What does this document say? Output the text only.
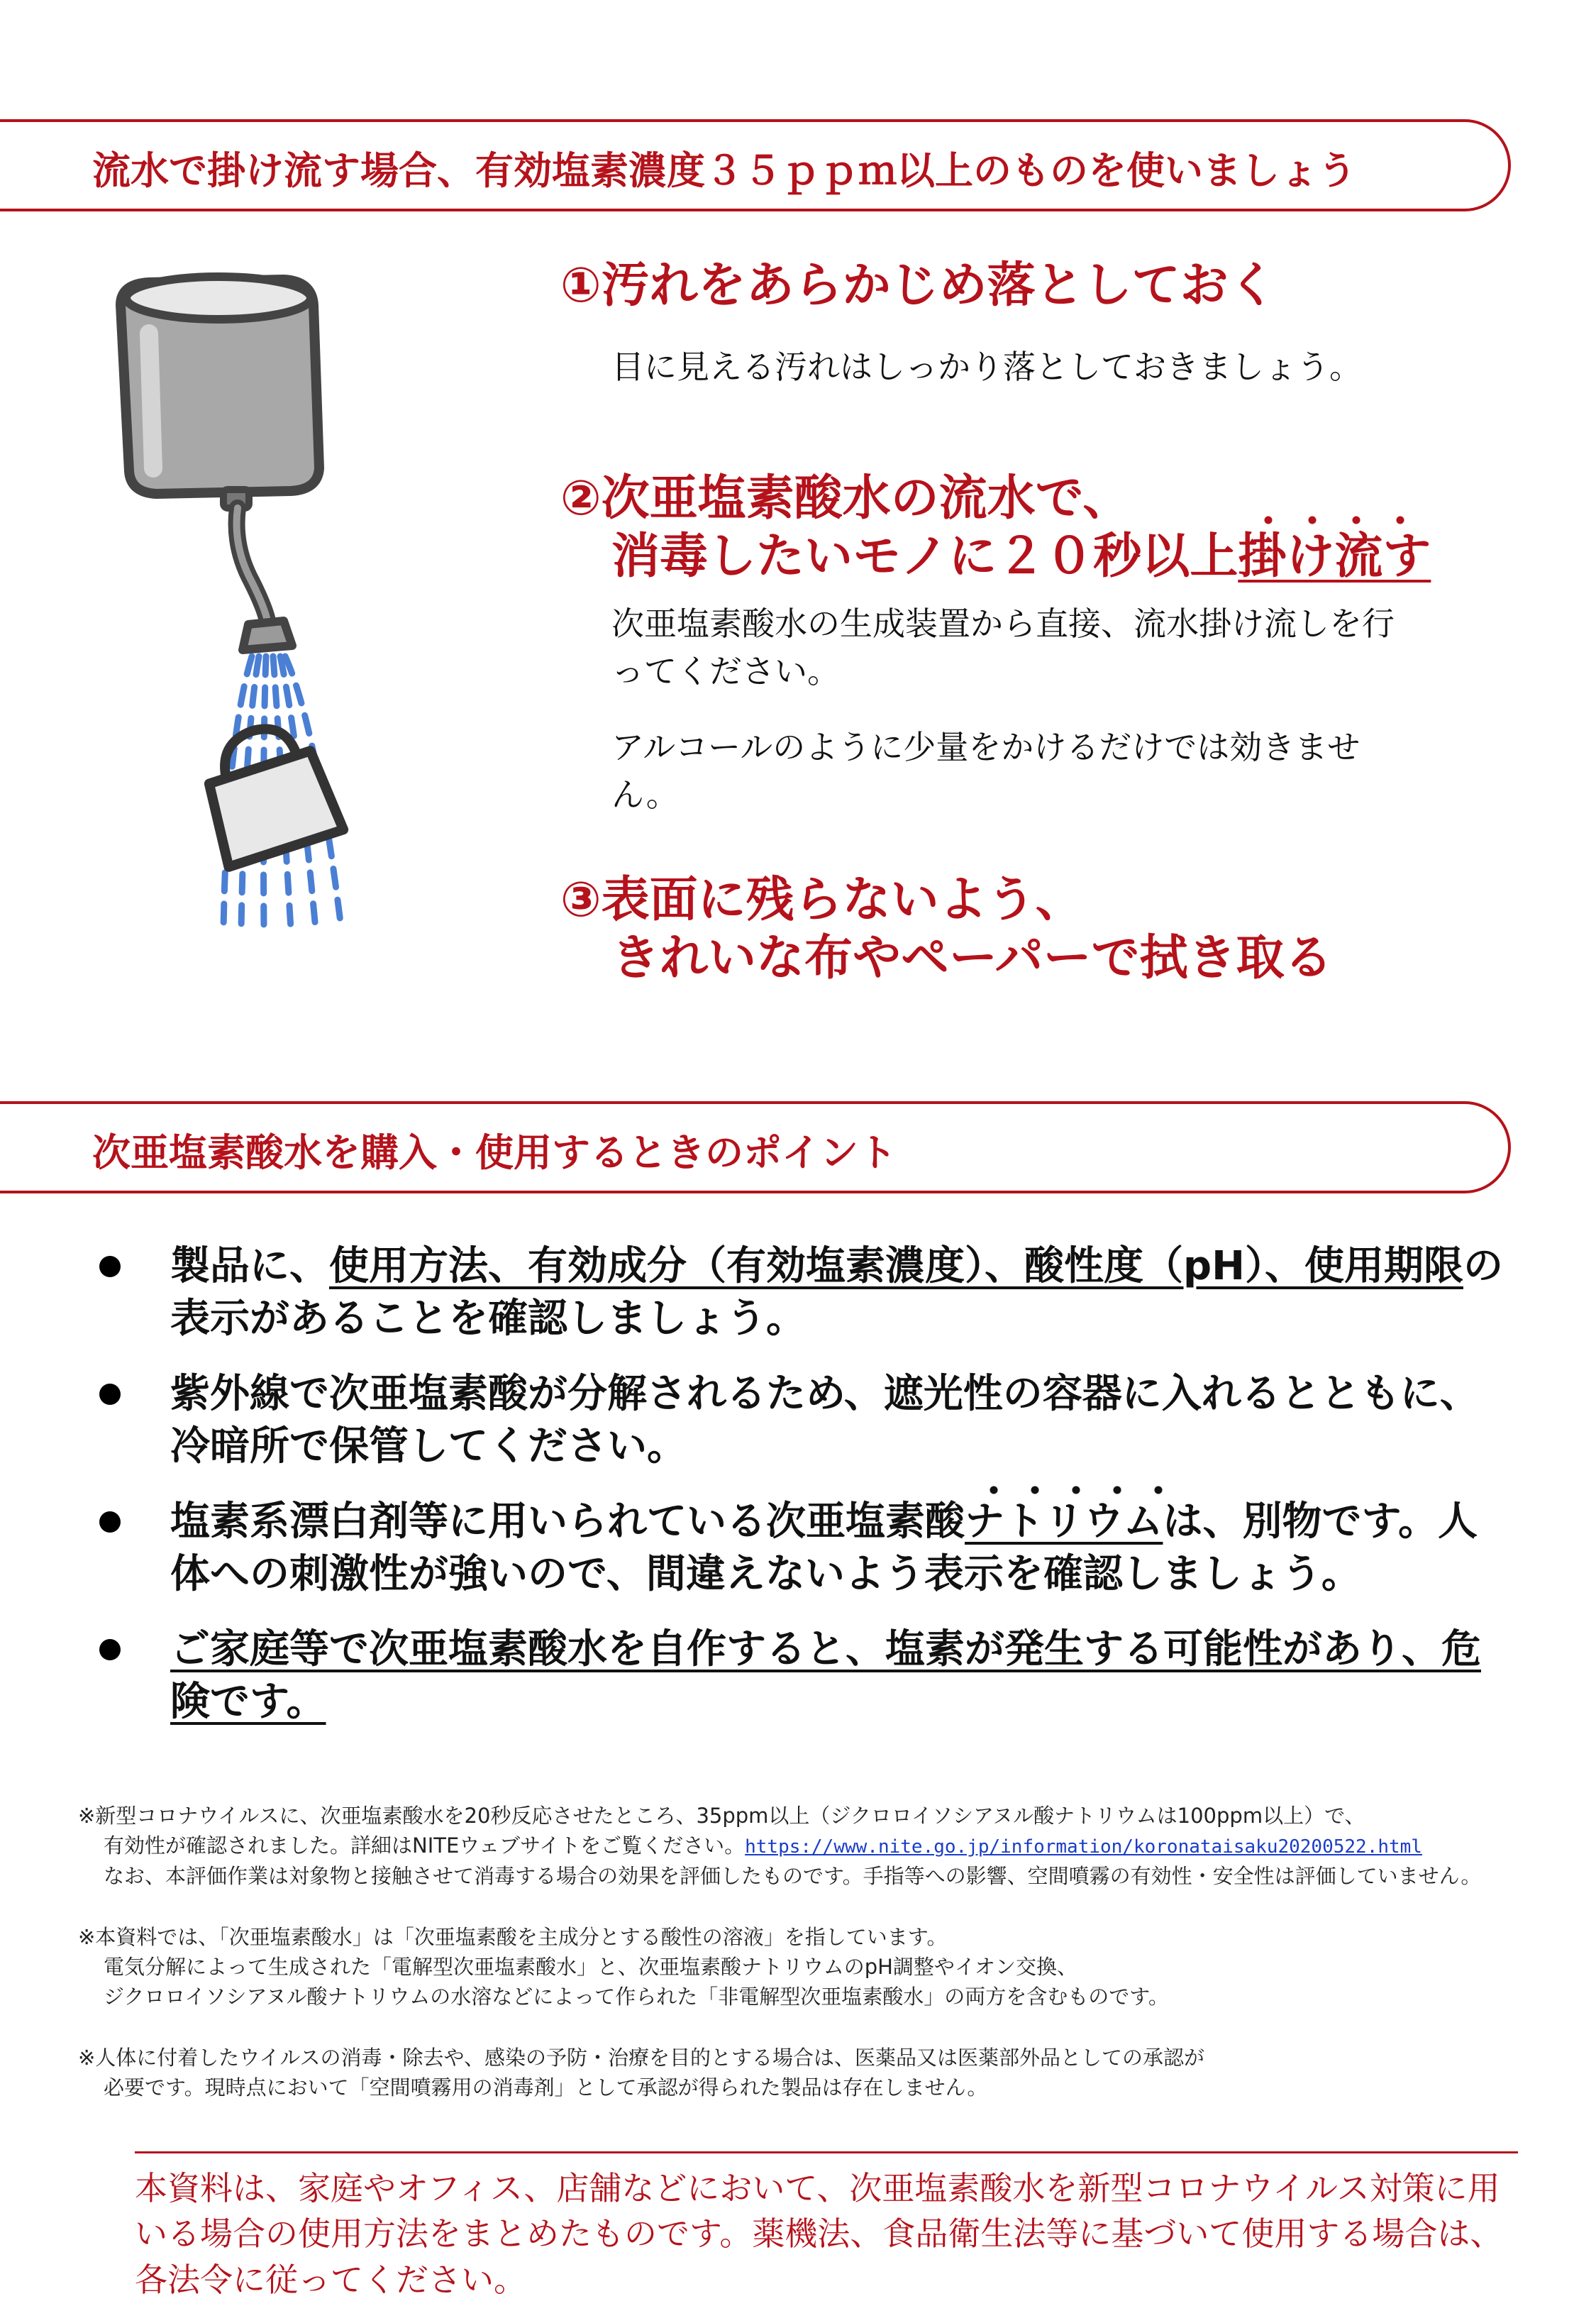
流水で掛け流す場合、有効塩素濃度３５ｐｐｍ以上のものを使いましょう
①汚れをあらかじめ落としておく
目に見える汚れはしっかり落としておきましょう。
②次亜塩素酸水の流水で、
消毒したいモノに２０秒以上掛け流す
次亜塩素酸水の生成装置から直接、流水掛け流しを行ってください。
アルコールのように少量をかけるだけでは効きません。
③表面に残らないよう、
きれいな布やペーパーで拭き取る
次亜塩素酸水を購入・使用するときのポイント
製品に、使用方法、有効成分（有効塩素濃度）、酸性度（pH）、使用期限の表示があることを確認しましょう。
紫外線で次亜塩素酸が分解されるため、遮光性の容器に入れるとともに、冷暗所で保管してください。
塩素系漂白剤等に用いられている次亜塩素酸ナトリウムは、別物です。人体への刺激性が強いので、間違えないよう表示を確認しましょう。
ご家庭等で次亜塩素酸水を自作すると、塩素が発生する可能性があり、危険です。

※新型コロナウイルスに、次亜塩素酸水を20秒反応させたところ、35ppm以上（ジクロロイソシアヌル酸ナトリウムは100ppm以上）で、

有効性が確認されました。詳細はNITEウェブサイトをご覧ください。https://www.nite.go.jp/information/koronataisaku20200522.html
なお、本評価作業は対象物と接触させて消毒する場合の効果を評価したものです。手指等への影響、空間噴霧の有効性・安全性は評価していません。

※本資料では、「次亜塩素酸水」は「次亜塩素酸を主成分とする酸性の溶液」を指しています。

電気分解によって生成された「電解型次亜塩素酸水」と、次亜塩素酸ナトリウムのpH調整やイオン交換、
ジクロロイソシアヌル酸ナトリウムの水溶などによって作られた「非電解型次亜塩素酸水」の両方を含むものです。

※人体に付着したウイルスの消毒・除去や、感染の予防・治療を目的とする場合は、医薬品又は医薬部外品としての承認が

必要です。現時点において「空間噴霧用の消毒剤」として承認が得られた製品は存在しません。

本資料は、家庭やオフィス、店舗などにおいて、次亜塩素酸水を新型コロナウイルス対策に用いる場合の使用方法をまとめたものです。薬機法、食品衛生法等に基づいて使用する場合は、各法令に従ってください。
